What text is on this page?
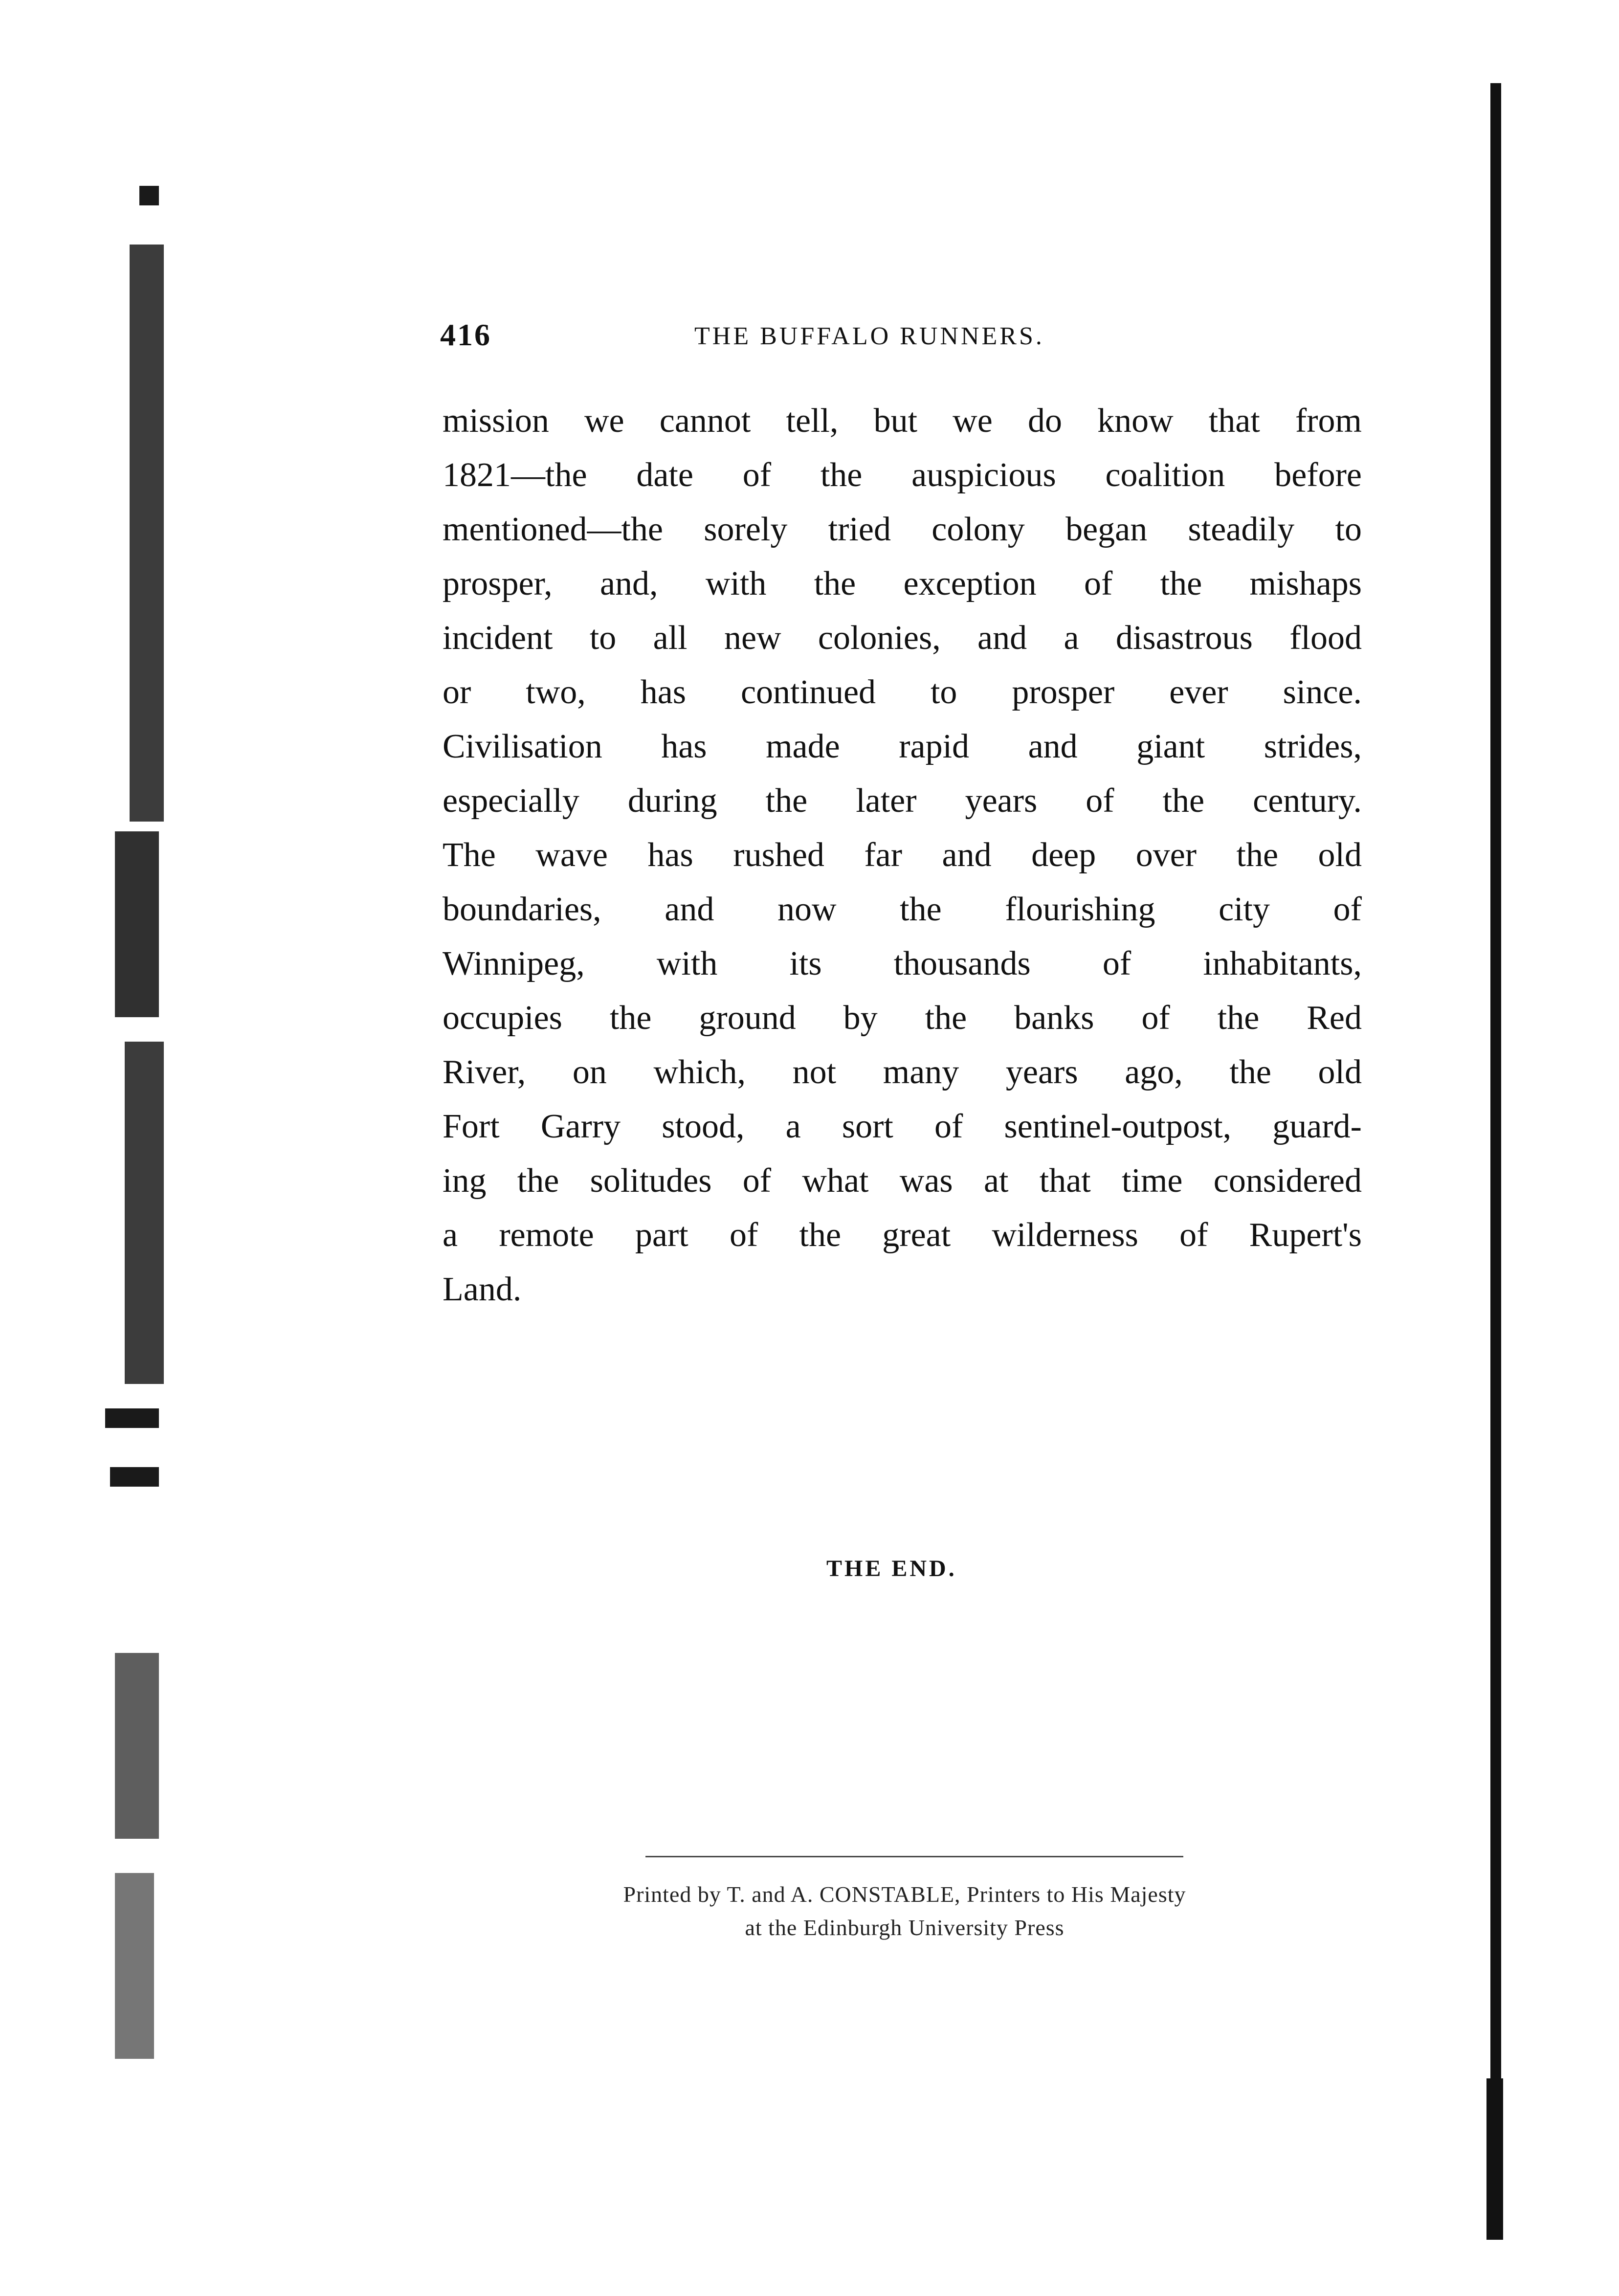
416	THE BUFFALO RUNNERS.
mission we cannot tell, but we do know that from
1821—the date of the auspicious coalition before
mentioned—the sorely tried colony began steadily to
prosper, and, with the exception of the mishaps
incident to all new colonies, and a disastrous flood
or two, has continued to prosper ever since.
Civilisation has made rapid and giant strides,
especially during the later years of the century.
The wave has rushed far and deep over the old
boundaries, and now the flourishing city of
Winnipeg, with its thousands of inhabitants,
occupies the ground by the banks of the Red
River, on which, not many years ago, the old
Fort Garry stood, a sort of sentinel-outpost, guard-
ing the solitudes of what was at that time considered
a remote part of the great wilderness of Rupert's
Land.
THE END.
Printed by T. and A. CONSTABLE, Printers to His Majesty
at the Edinburgh University Press
